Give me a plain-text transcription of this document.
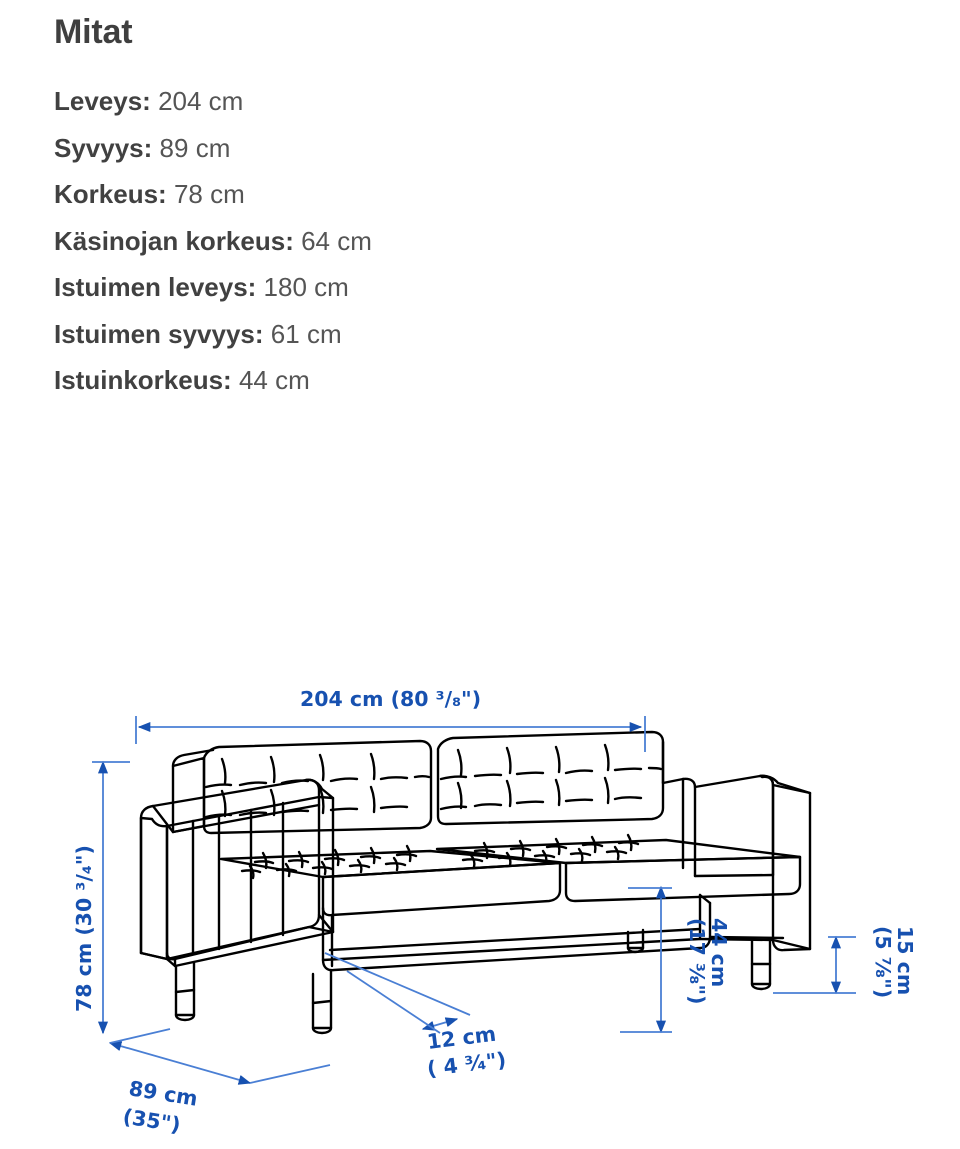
Mitat
Leveys: 204 cm
Syvyys: 89 cm
Korkeus: 78 cm
Käsinojan korkeus: 64 cm
Istuimen leveys: 180 cm
Istuimen syvyys: 61 cm
Istuinkorkeus: 44 cm
204 cm (80 ³/₈")
78 cm (30 ³/₄")
89 cm
(35")
12 cm
( 4 ³⁄₄")
44 cm
(17 ³⁄₈")	15 cm
(5 ⁷⁄₈")
